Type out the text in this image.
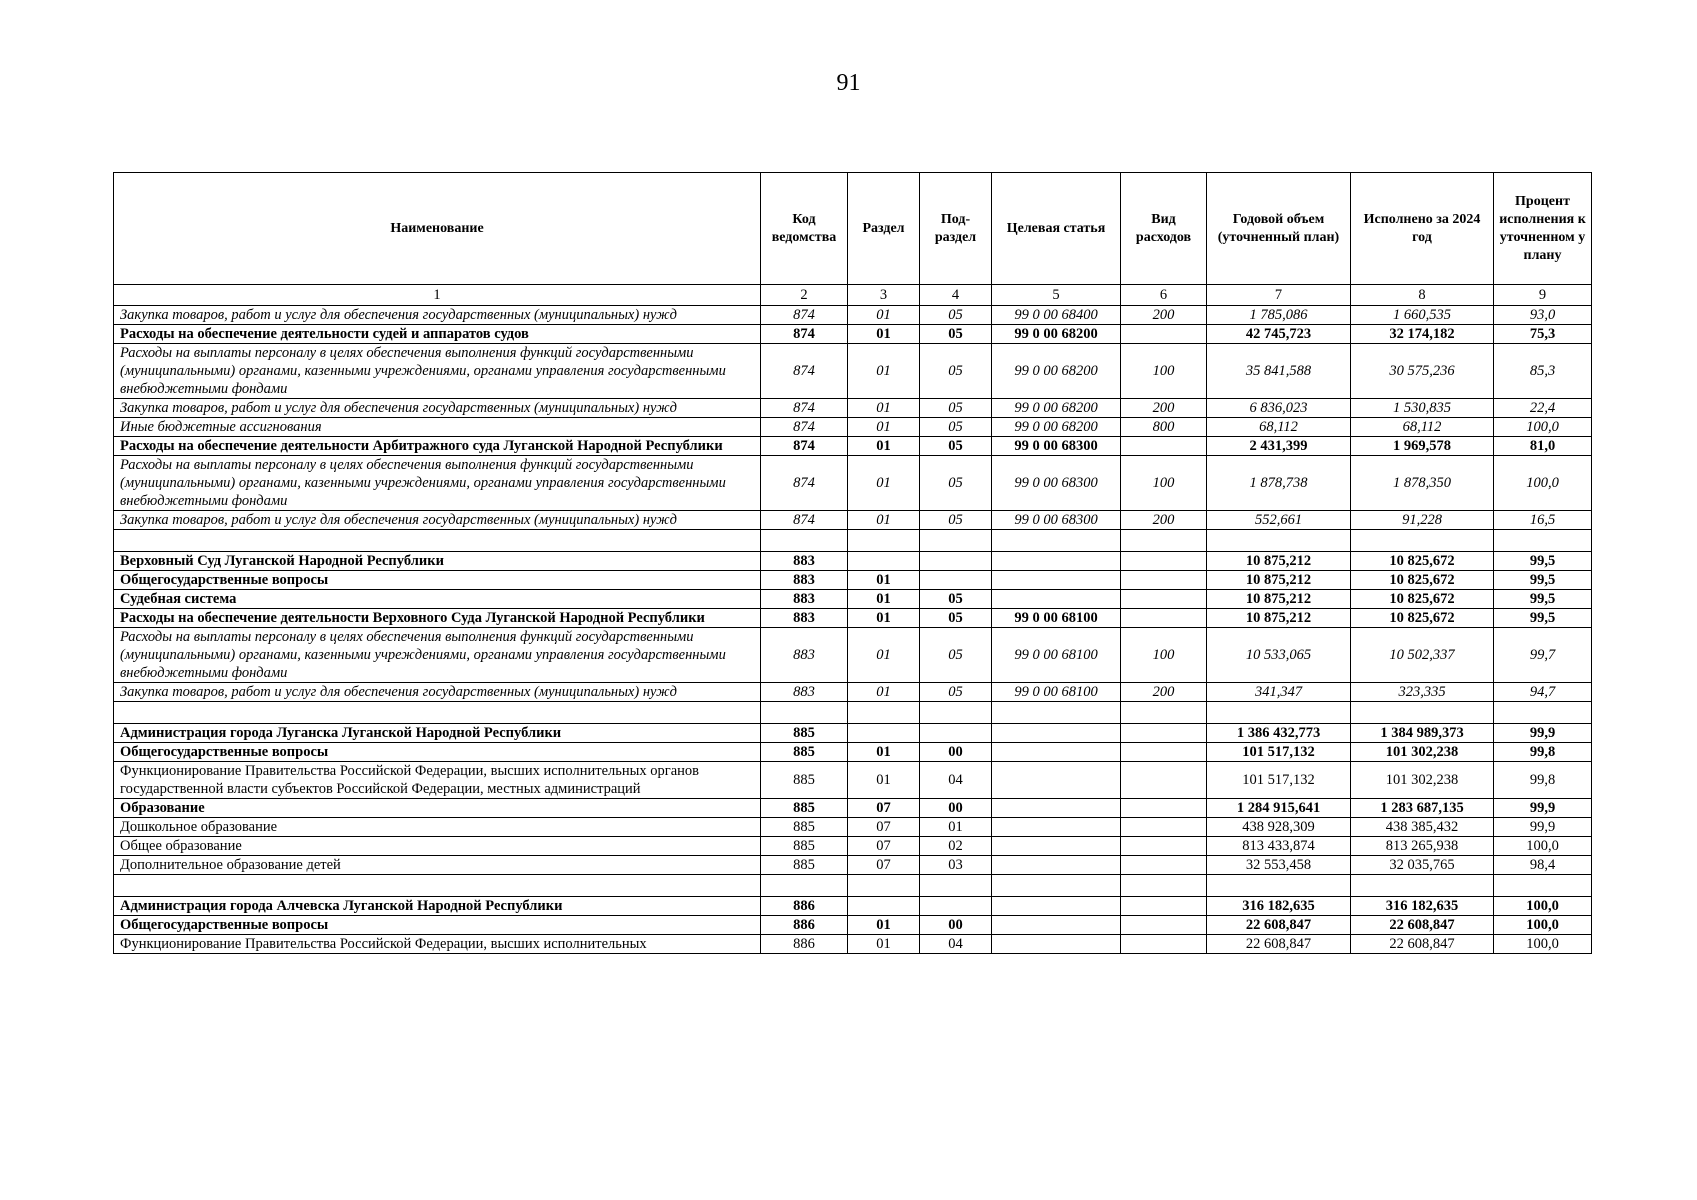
91
Наименование	Код ведомства	Раздел	Под-
раздел	Целевая статья	Вид расходов	Годовой объем (уточненный план)	Исполнено за 2024 год	Процент исполнения к уточненном у плану
1	2	3	4	5	6	7	8	9
Закупка товаров, работ и услуг для обеспечения государственных (муниципальных) нужд	874	01	05	99 0 00 68400	200	1 785,086	1 660,535	93,0
Расходы на обеспечение деятельности судей и аппаратов судов	874	01	05	99 0 00 68200		42 745,723	32 174,182	75,3
Расходы на выплаты персоналу в целях обеспечения выполнения функций государственными (муниципальными) органами, казенными учреждениями, органами управления государственными внебюджетными фондами	874	01	05	99 0 00 68200	100	35 841,588	30 575,236	85,3
Закупка товаров, работ и услуг для обеспечения государственных (муниципальных) нужд	874	01	05	99 0 00 68200	200	6 836,023	1 530,835	22,4
Иные бюджетные ассигнования	874	01	05	99 0 00 68200	800	68,112	68,112	100,0
Расходы на обеспечение деятельности Арбитражного суда Луганской Народной Республики	874	01	05	99 0 00 68300		2 431,399	1 969,578	81,0
Расходы на выплаты персоналу в целях обеспечения выполнения функций государственными (муниципальными) органами, казенными учреждениями, органами управления государственными внебюджетными фондами	874	01	05	99 0 00 68300	100	1 878,738	1 878,350	100,0
Закупка товаров, работ и услуг для обеспечения государственных (муниципальных) нужд	874	01	05	99 0 00 68300	200	552,661	91,228	16,5

Верховный Суд Луганской Народной Республики	883					10 875,212	10 825,672	99,5
Общегосударственные вопросы	883	01				10 875,212	10 825,672	99,5
Судебная система	883	01	05			10 875,212	10 825,672	99,5
Расходы на обеспечение деятельности Верховного Суда Луганской Народной Республики	883	01	05	99 0 00 68100		10 875,212	10 825,672	99,5
Расходы на выплаты персоналу в целях обеспечения выполнения функций государственными (муниципальными) органами, казенными учреждениями, органами управления государственными внебюджетными фондами	883	01	05	99 0 00 68100	100	10 533,065	10 502,337	99,7
Закупка товаров, работ и услуг для обеспечения государственных (муниципальных) нужд	883	01	05	99 0 00 68100	200	341,347	323,335	94,7

Администрация города Луганска Луганской Народной Республики	885					1 386 432,773	1 384 989,373	99,9
Общегосударственные вопросы	885	01	00			101 517,132	101 302,238	99,8
Функционирование Правительства Российской Федерации, высших исполнительных органов государственной власти субъектов Российской Федерации, местных администраций	885	01	04			101 517,132	101 302,238	99,8
Образование	885	07	00			1 284 915,641	1 283 687,135	99,9
Дошкольное образование	885	07	01			438 928,309	438 385,432	99,9
Общее образование	885	07	02			813 433,874	813 265,938	100,0
Дополнительное образование детей	885	07	03			32 553,458	32 035,765	98,4

Администрация города Алчевска Луганской Народной Республики	886					316 182,635	316 182,635	100,0
Общегосударственные вопросы	886	01	00			22 608,847	22 608,847	100,0
Функционирование Правительства Российской Федерации, высших исполнительных	886	01	04			22 608,847	22 608,847	100,0
